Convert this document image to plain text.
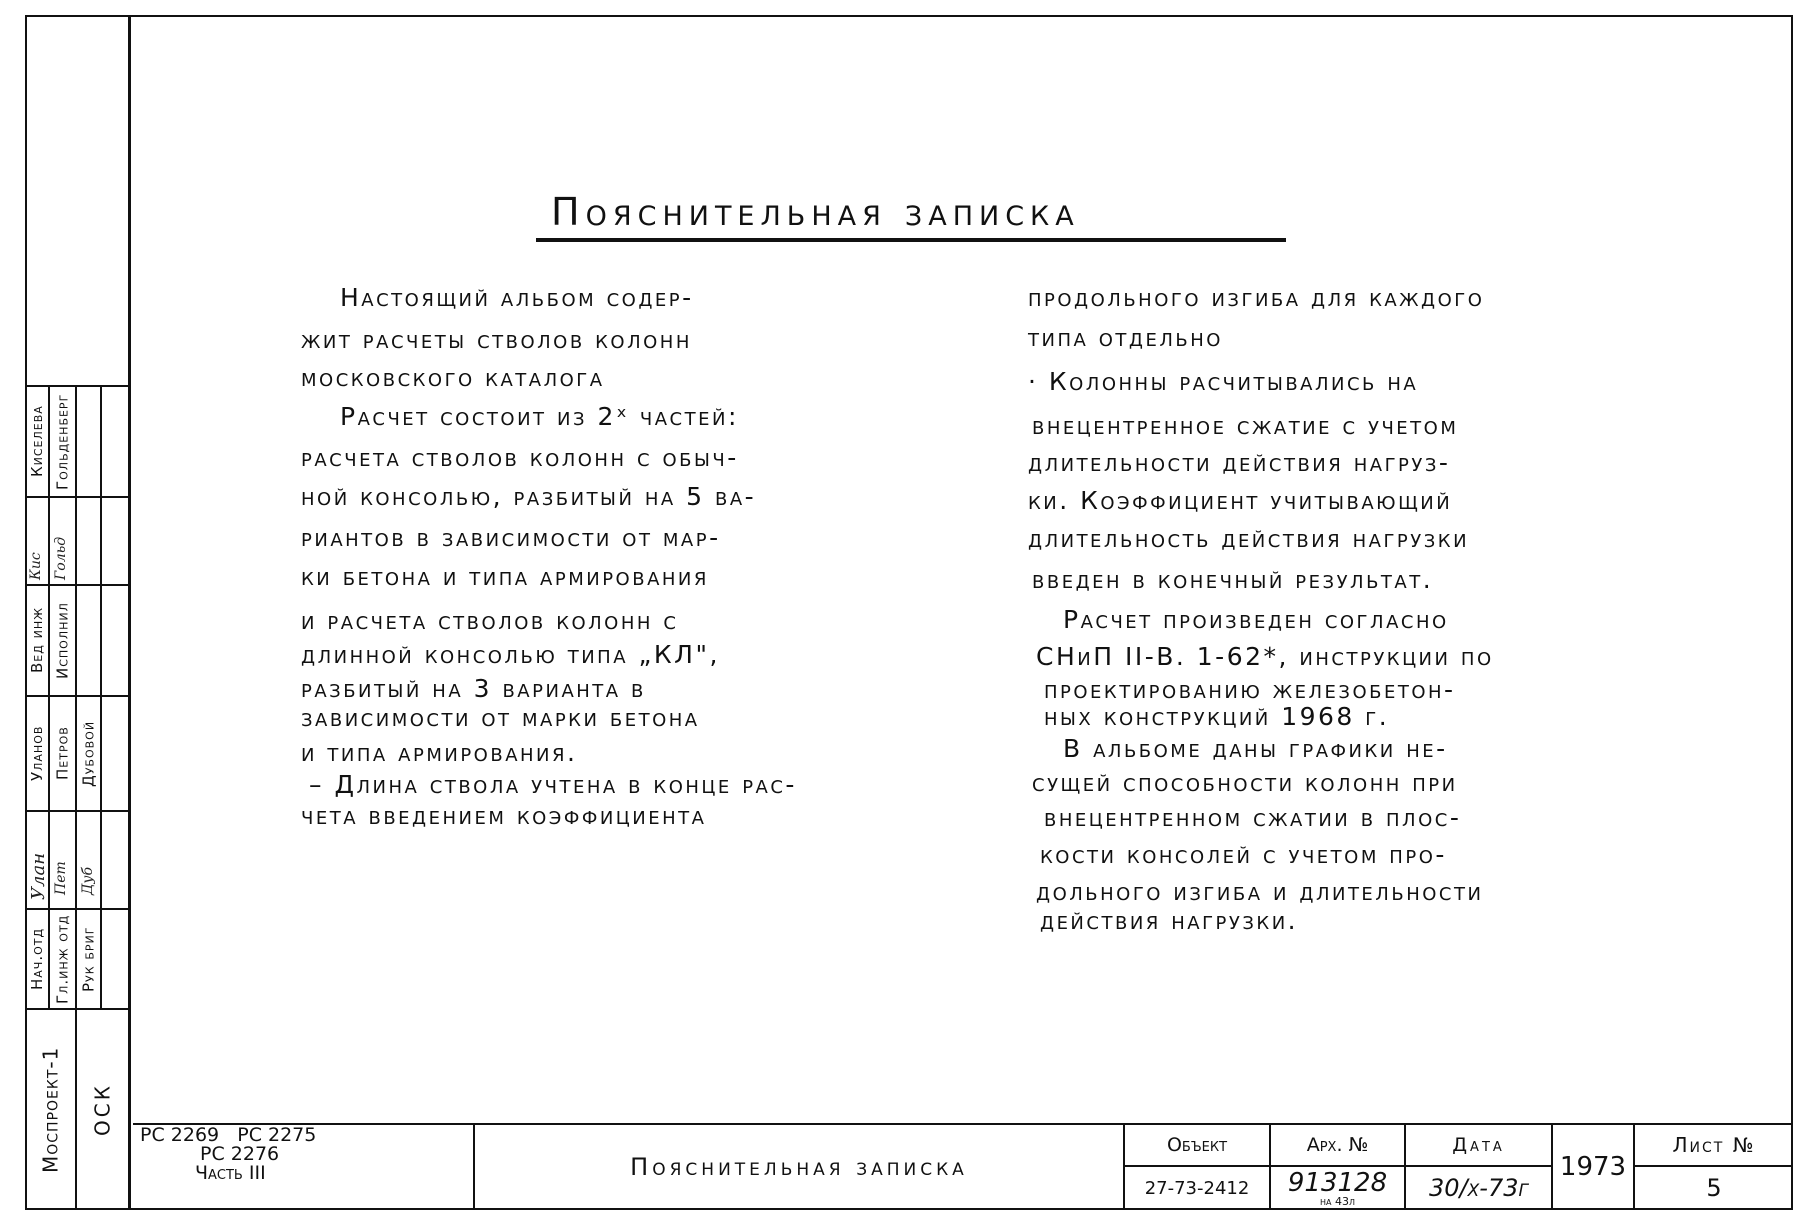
Пояснительная записка
Настоящий альбом содер-
жит расчеты стволов колонн
московского каталога
Расчет состоит из 2ˣ частей:
расчета стволов колонн с обыч-
ной консолью, разбитый на 5 ва-
риантов в зависимости от мар-
ки бетона и типа армирования
и расчета стволов колонн с
длинной консолью типа „КЛ",
разбитый на 3 варианта в
зависимости от марки бетона
и типа армирования.
– Длина ствола учтена в конце рас-
чета введением коэффициента
продольного изгиба для каждого
типа отдельно
· Колонны расчитывались на
внецентренное сжатие с учетом
длительности действия нагруз-
ки. Коэффициент учитывающий
длительность действия нагрузки
введен в конечный результат.
Расчет произведен согласно
СНиП II-В. 1-62*, инструкции по
проектированию железобетон-
ных конструкций 1968 г.
В альбоме даны графики не-
сущей способности колонн при
внецентренном сжатии в плос-
кости консолей с учетом про-
дольного изгиба и длительности
действия нагрузки.
Киселева Гольденберг
Кис Гольд
Вед инж Исполнил
Уланов Петров Дубовой
Улан Пет Дуб
Нач.отд Гл.инж отд Рук бриг
Моспроект-1	ОСК	РС 2269   РС 2275
РС 2276
Часть III	Пояснительная записка
Объект
27-73-2412
Арх. №
913128
на 43л
Дата
30/х-73г
1973
Лист №
5
